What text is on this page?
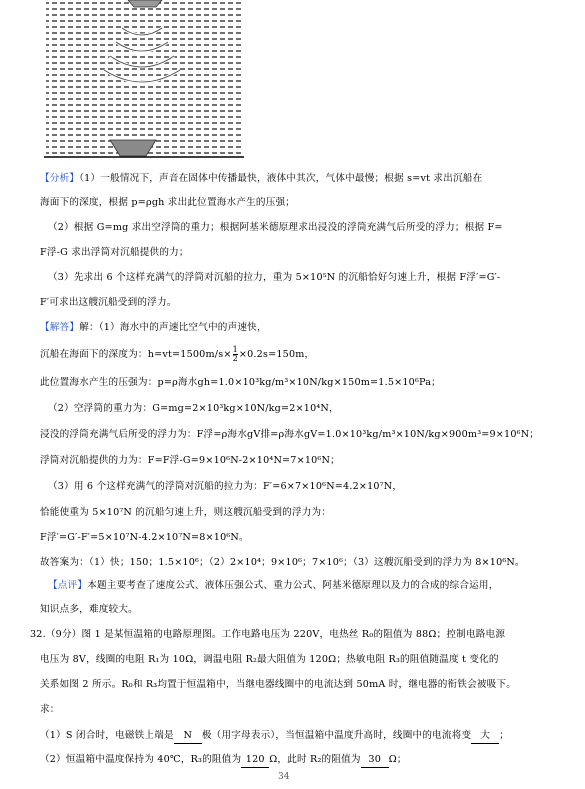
【分析】（1）一般情况下，声音在固体中传播最快，液体中其次，气体中最慢；根据 s=vt 求出沉船在
海面下的深度，根据 p=ρgh 求出此位置海水产生的压强；
（2）根据 G=mg 求出空浮筒的重力；根据阿基米德原理求出浸没的浮筒充满气后所受的浮力；根据 F=
F浮-G 求出浮筒对沉船提供的力；
（3）先求出 6 个这样充满气的浮筒对沉船的拉力，重为 5×10⁵N 的沉船恰好匀速上升，根据 F浮′=G′-
F′可求出这艘沉船受到的浮力。
【解答】解：（1）海水中的声速比空气中的声速快，
沉船在海面下的深度为：$h=vt=1500m/s\times \frac{1}{2} \times 0.2s=150m$，
此位置海水产生的压强为：p=ρ海水gh=1.0×10³kg/m³×10N/kg×150m=1.5×10⁶Pa；
（2）空浮筒的重力为：G=mg=2×10³kg×10N/kg=2×10⁴N，
浸没的浮筒充满气后所受的浮力为：F浮=ρ海水gV排=ρ海水gV=1.0×10³kg/m³×10N/kg×900m³=9×10⁶N；
浮筒对沉船提供的力为：F=F浮-G=9×10⁶N-2×10⁴N=7×10⁶N；
（3）用 6 个这样充满气的浮筒对沉船的拉力为：F′=6×7×10⁶N=4.2×10⁷N，
恰能使重为 5×10⁷N 的沉船匀速上升，则这艘沉船受到的浮力为：
F浮′=G′-F′=5×10⁷N-4.2×10⁷N=8×10⁶N。
故答案为：（1）快；150；1.5×10⁶；（2）2×10⁴；9×10⁶；7×10⁶；（3）这艘沉船受到的浮力为 8×10⁶N。
【点评】本题主要考查了速度公式、液体压强公式、重力公式、阿基米德原理以及力的合成的综合运用，
知识点多，难度较大。
32.（9分）图 1 是某恒温箱的电路原理图。工作电路电压为 220V，电热丝 R₀的阻值为 88Ω；控制电路电源
电压为 8V，线圈的电阻 R₁为 10Ω，调温电阻 R₂最大阻值为 120Ω；热敏电阻 R₃的阻值随温度 t 变化的
关系如图 2 所示。R₀和 R₃均置于恒温箱中，当继电器线圈中的电流达到 50mA 时，继电器的衔铁会被吸下。
求：
（1）S 闭合时，电磁铁上端是 N 极（用字母表示），当恒温箱中温度升高时，线圈中的电流将变 大 ；
（2）恒温箱中温度保持为 40℃，R₃的阻值为 120 Ω，此时 R₂的阻值为 30 Ω；
34
